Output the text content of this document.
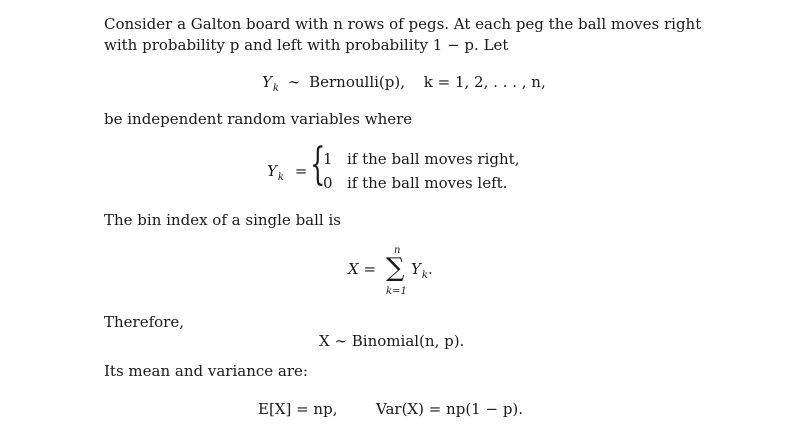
Consider a Galton board with n rows of pegs. At each peg the ball moves right
with probability p and left with probability 1 − p. Let
$Y_k$ ∼ Bernoulli(p), k = 1, 2, . . . , n,
be independent random variables where
$Y_k$ = {
1 if the ball moves right,
0 if the ball moves left.
The bin index of a single ball is
X =
n
∑
k=1
$Y_k$.
Therefore,
X ∼ Binomial(n, p).
Its mean and variance are:
E[X] = np,	Var(X) = np(1 − p).
